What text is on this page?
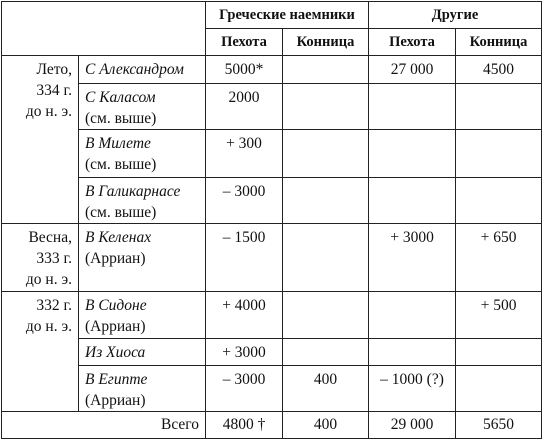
		Греческие наемники		Другие	
		Пехота	Конница	Пехота	Конница

Лето,
334 г.
до н. э.	С Александром	5000*		27 000	4500

	С Каласом
(см. выше)	2000			

	В Милете
(см. выше)	+ 300			

	В Галикарнасе
(см. выше)	– 3000			

Весна,
333 г.
до н. э.	В Келенах
(Арриан)	– 1500		+ 3000	+ 650

332 г.
до н. э.	В Сидоне
(Арриан)	+ 4000			+ 500

	Из Хиоса	+ 3000			

	В Египте
(Арриан)	– 3000	400	– 1000 (?)	
Всего		4800 †	400	29 000	5650
